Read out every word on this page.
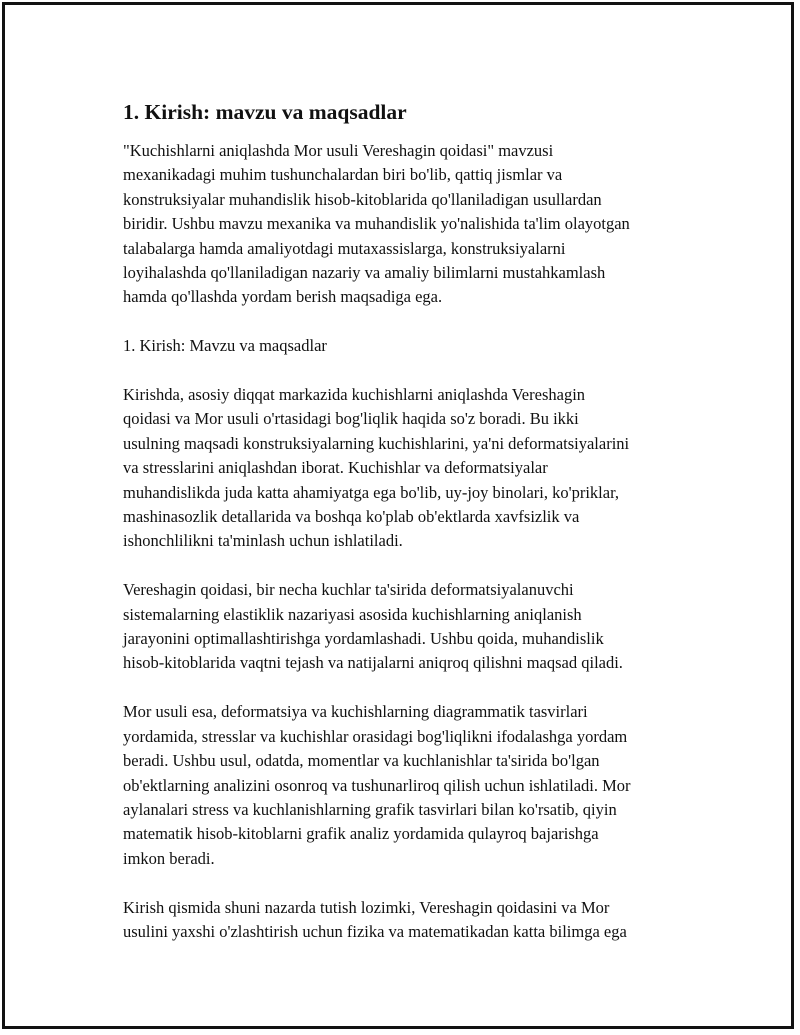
1. Kirish: mavzu va maqsadlar

"Kuchishlarni aniqlashda Mor usuli Vereshagin qoidasi" mavzusi
mexanikadagi muhim tushunchalardan biri bo'lib, qattiq jismlar va
konstruksiyalar muhandislik hisob-kitoblarida qo'llaniladigan usullardan
biridir. Ushbu mavzu mexanika va muhandislik yo'nalishida ta'lim olayotgan
talabalarga hamda amaliyotdagi mutaxassislarga, konstruksiyalarni
loyihalashda qo'llaniladigan nazariy va amaliy bilimlarni mustahkamlash
hamda qo'llashda yordam berish maqsadiga ega.

1. Kirish: Mavzu va maqsadlar

Kirishda, asosiy diqqat markazida kuchishlarni aniqlashda Vereshagin
qoidasi va Mor usuli o'rtasidagi bog'liqlik haqida so'z boradi. Bu ikki
usulning maqsadi konstruksiyalarning kuchishlarini, ya'ni deformatsiyalarini
va stresslarini aniqlashdan iborat. Kuchishlar va deformatsiyalar
muhandislikda juda katta ahamiyatga ega bo'lib, uy-joy binolari, ko'priklar,
mashinasozlik detallarida va boshqa ko'plab ob'ektlarda xavfsizlik va
ishonchlilikni ta'minlash uchun ishlatiladi.

Vereshagin qoidasi, bir necha kuchlar ta'sirida deformatsiyalanuvchi
sistemalarning elastiklik nazariyasi asosida kuchishlarning aniqlanish
jarayonini optimallashtirishga yordamlashadi. Ushbu qoida, muhandislik
hisob-kitoblarida vaqtni tejash va natijalarni aniqroq qilishni maqsad qiladi.

Mor usuli esa, deformatsiya va kuchishlarning diagrammatik tasvirlari
yordamida, stresslar va kuchishlar orasidagi bog'liqlikni ifodalashga yordam
beradi. Ushbu usul, odatda, momentlar va kuchlanishlar ta'sirida bo'lgan
ob'ektlarning analizini osonroq va tushunarliroq qilish uchun ishlatiladi. Mor
aylanalari stress va kuchlanishlarning grafik tasvirlari bilan ko'rsatib, qiyin
matematik hisob-kitoblarni grafik analiz yordamida qulayroq bajarishga
imkon beradi.

Kirish qismida shuni nazarda tutish lozimki, Vereshagin qoidasini va Mor
usulini yaxshi o'zlashtirish uchun fizika va matematikadan katta bilimga ega
